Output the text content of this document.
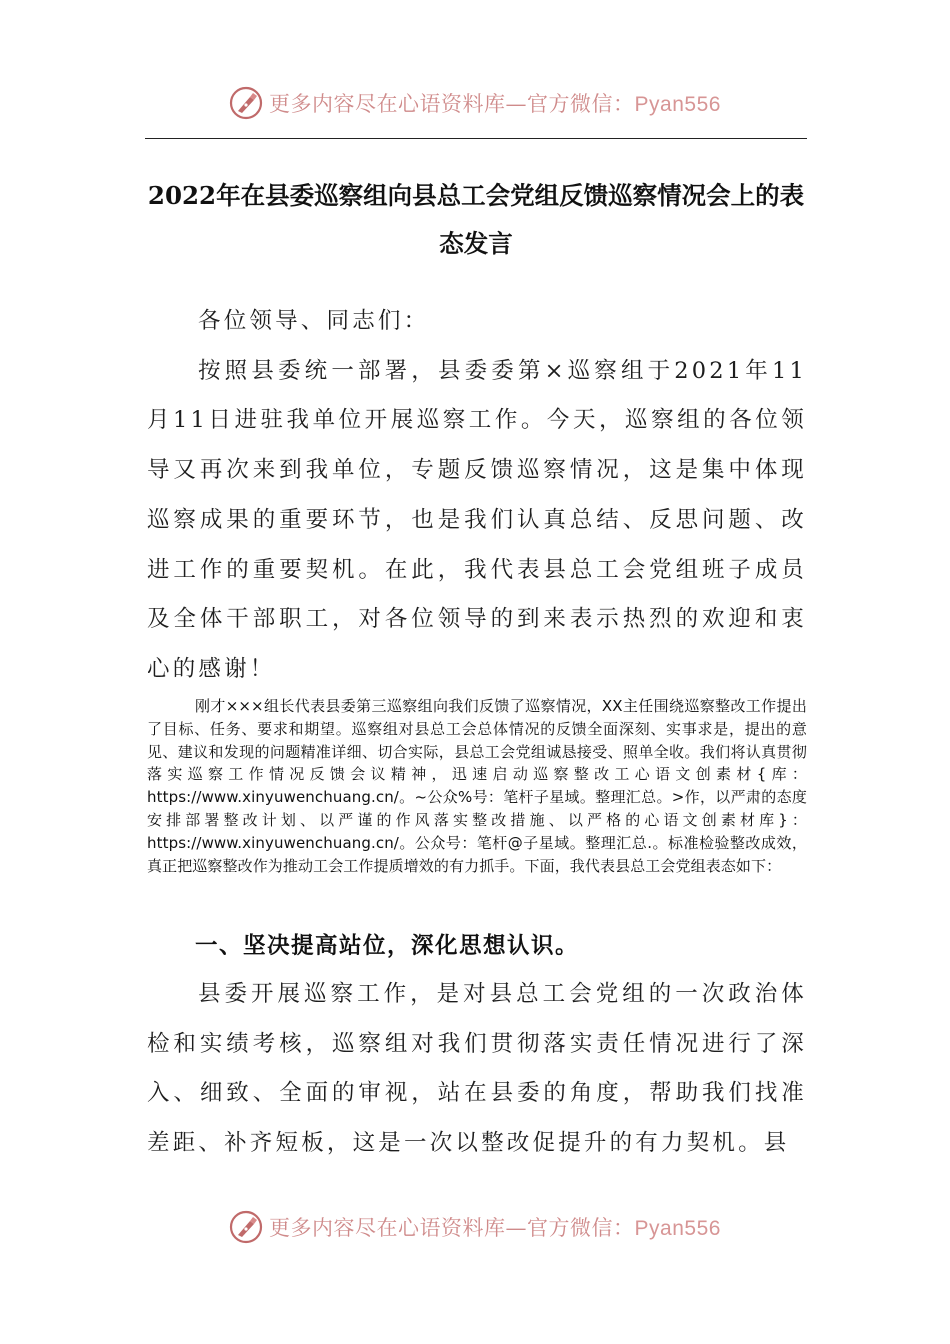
更多内容尽在心语资料库—官方微信：Pyan556
2022年在县委巡察组向县总工会党组反馈巡察情况会上的表态发言

各位领导、同志们：

按照县委统一部署，县委委第×巡察组于2021年11月11日进驻我单位开展巡察工作。今天，巡察组的各位领导又再次来到我单位，专题反馈巡察情况，这是集中体现巡察成果的重要环节，也是我们认真总结、反思问题、改进工作的重要契机。在此，我代表县总工会党组班子成员及全体干部职工，对各位领导的到来表示热烈的欢迎和衷心的感谢！

刚才×××组长代表县委第三巡察组向我们反馈了巡察情况，XX主任围绕巡察整改工作提出了目标、任务、要求和期望。巡察组对县总工会总体情况的反馈全面深刻、实事求是，提出的意见、建议和发现的问题精准详细、切合实际，县总工会党组诚恳接受、照单全收。我们将认真贯彻落实巡察工作情况反馈会议精神，迅速启动巡察整改工心语文创素材{库：https://www.xinyuwenchuang.cn/。~公众%号：笔杆子星域。整理汇总。>作，以严肃的态度安排部署整改计划、以严谨的作风落实整改措施、以严格的心语文创素材库}：https://www.xinyuwenchuang.cn/。公众号：笔杆@子星域。整理汇总.。标准检验整改成效，真正把巡察整改作为推动工会工作提质增效的有力抓手。下面，我代表县总工会党组表态如下：

一、坚决提高站位，深化思想认识。

县委开展巡察工作，是对县总工会党组的一次政治体检和实绩考核，巡察组对我们贯彻落实责任情况进行了深入、细致、全面的审视，站在县委的角度，帮助我们找准差距、补齐短板，这是一次以整改促提升的有力契机。县

更多内容尽在心语资料库—官方微信：Pyan556
